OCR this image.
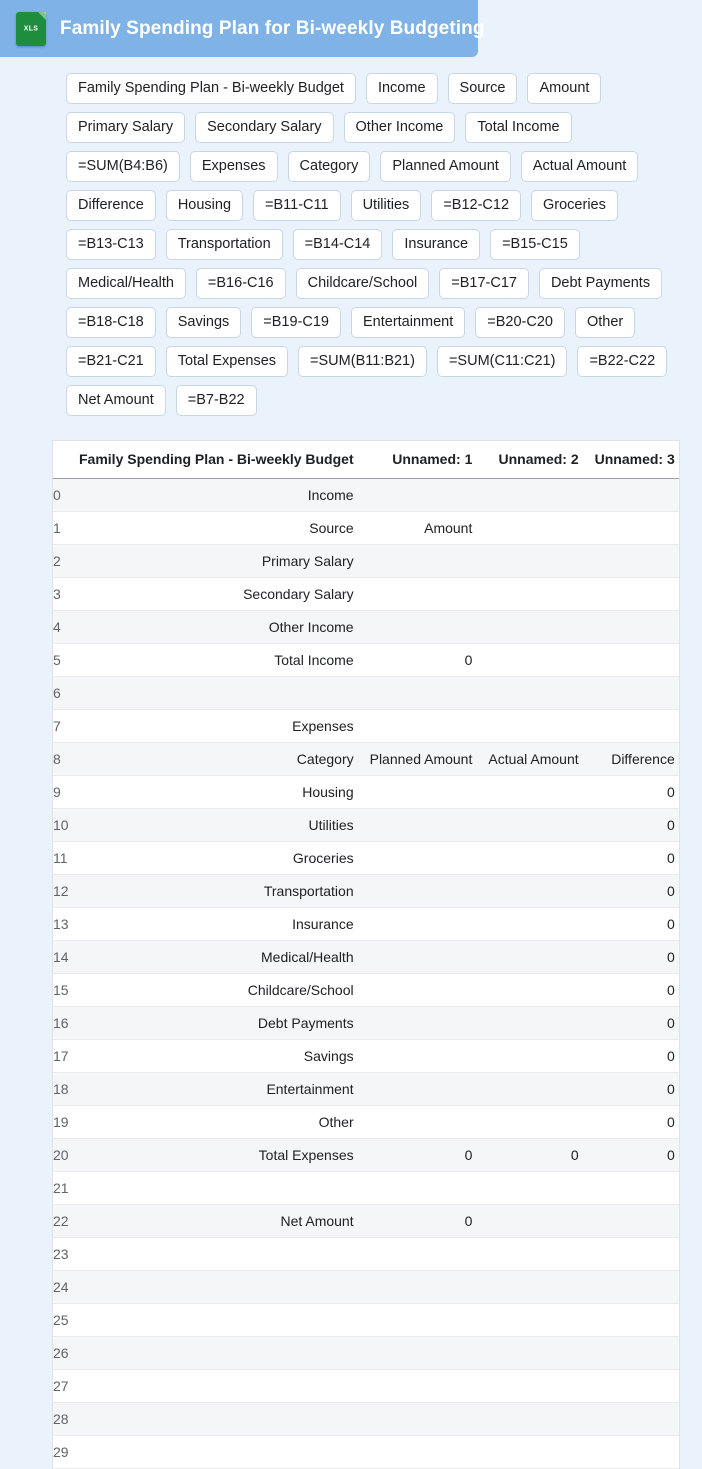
XLS
Family Spending Plan for Bi-weekly Budgeting
Family Spending Plan - Bi-weekly Budget	Income	Source	Amount
Primary Salary	Secondary Salary	Other Income	Total Income
=SUM(B4:B6)	Expenses	Category	Planned Amount	Actual Amount
Difference	Housing	=B11-C11	Utilities	=B12-C12	Groceries
=B13-C13	Transportation	=B14-C14	Insurance	=B15-C15
Medical/Health	=B16-C16	Childcare/School	=B17-C17	Debt Payments
=B18-C18	Savings	=B19-C19	Entertainment	=B20-C20	Other
=B21-C21	Total Expenses	=SUM(B11:B21)	=SUM(C11:C21)	=B22-C22
Net Amount	=B7-B22
	Family Spending Plan - Bi-weekly Budget	Unnamed: 1	Unnamed: 2	Unnamed: 3
0	Income			
1	Source	Amount		
2	Primary Salary			
3	Secondary Salary			
4	Other Income			
5	Total Income	0		
6				
7	Expenses			
8	Category	Planned Amount	Actual Amount	Difference
9	Housing			0
10	Utilities			0
11	Groceries			0
12	Transportation			0
13	Insurance			0
14	Medical/Health			0
15	Childcare/School			0
16	Debt Payments			0
17	Savings			0
18	Entertainment			0
19	Other			0
20	Total Expenses	0	0	0
21				
22	Net Amount	0		
23				
24				
25				
26				
27				
28				
29				
